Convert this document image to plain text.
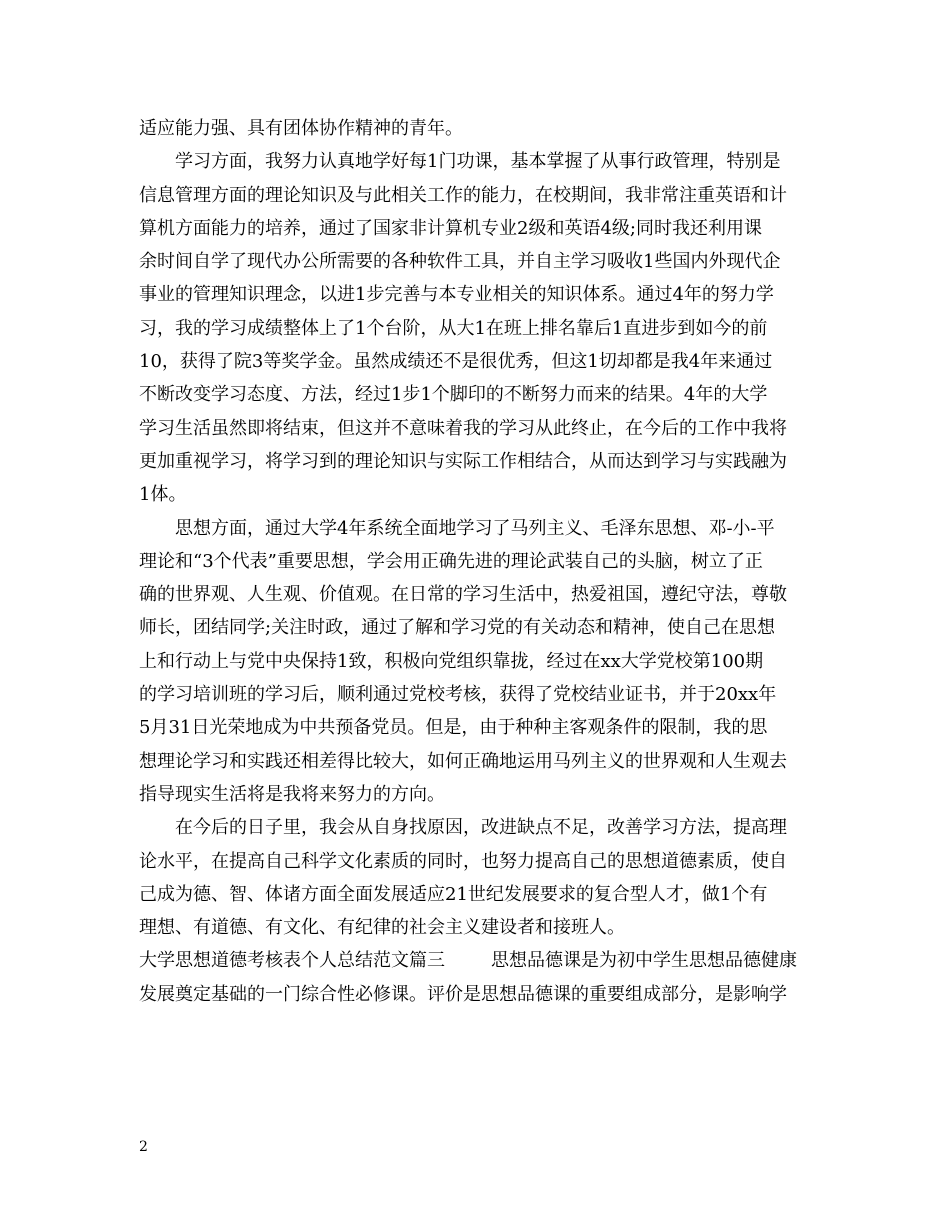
适应能力强、具有团体协作精神的青年。
学习方面，我努力认真地学好每1门功课，基本掌握了从事行政管理，特别是
信息管理方面的理论知识及与此相关工作的能力，在校期间，我非常注重英语和计
算机方面能力的培养，通过了国家非计算机专业2级和英语4级;同时我还利用课
余时间自学了现代办公所需要的各种软件工具，并自主学习吸收1些国内外现代企
事业的管理知识理念，以进1步完善与本专业相关的知识体系。通过4年的努力学
习，我的学习成绩整体上了1个台阶，从大1在班上排名靠后1直进步到如今的前
10，获得了院3等奖学金。虽然成绩还不是很优秀，但这1切却都是我4年来通过
不断改变学习态度、方法，经过1步1个脚印的不断努力而来的结果。4年的大学
学习生活虽然即将结束，但这并不意味着我的学习从此终止，在今后的工作中我将
更加重视学习，将学习到的理论知识与实际工作相结合，从而达到学习与实践融为
1体。
思想方面，通过大学4年系统全面地学习了马列主义、毛泽东思想、邓-小-平
理论和“3个代表”重要思想，学会用正确先进的理论武装自己的头脑，树立了正
确的世界观、人生观、价值观。在日常的学习生活中，热爱祖国，遵纪守法，尊敬
师长，团结同学;关注时政，通过了解和学习党的有关动态和精神，使自己在思想
上和行动上与党中央保持1致，积极向党组织靠拢，经过在xx大学党校第100期
的学习培训班的学习后，顺利通过党校考核，获得了党校结业证书，并于20xx年
5月31日光荣地成为中共预备党员。但是，由于种种主客观条件的限制，我的思
想理论学习和实践还相差得比较大，如何正确地运用马列主义的世界观和人生观去
指导现实生活将是我将来努力的方向。
在今后的日子里，我会从自身找原因，改进缺点不足，改善学习方法，提高理
论水平，在提高自己科学文化素质的同时，也努力提高自己的思想道德素质，使自
己成为德、智、体诸方面全面发展适应21世纪发展要求的复合型人才，做1个有
理想、有道德、有文化、有纪律的社会主义建设者和接班人。
大学思想道德考核表个人总结范文篇三	思想品德课是为初中学生思想品德健康
发展奠定基础的一门综合性必修课。评价是思想品德课的重要组成部分，是影响学
2
